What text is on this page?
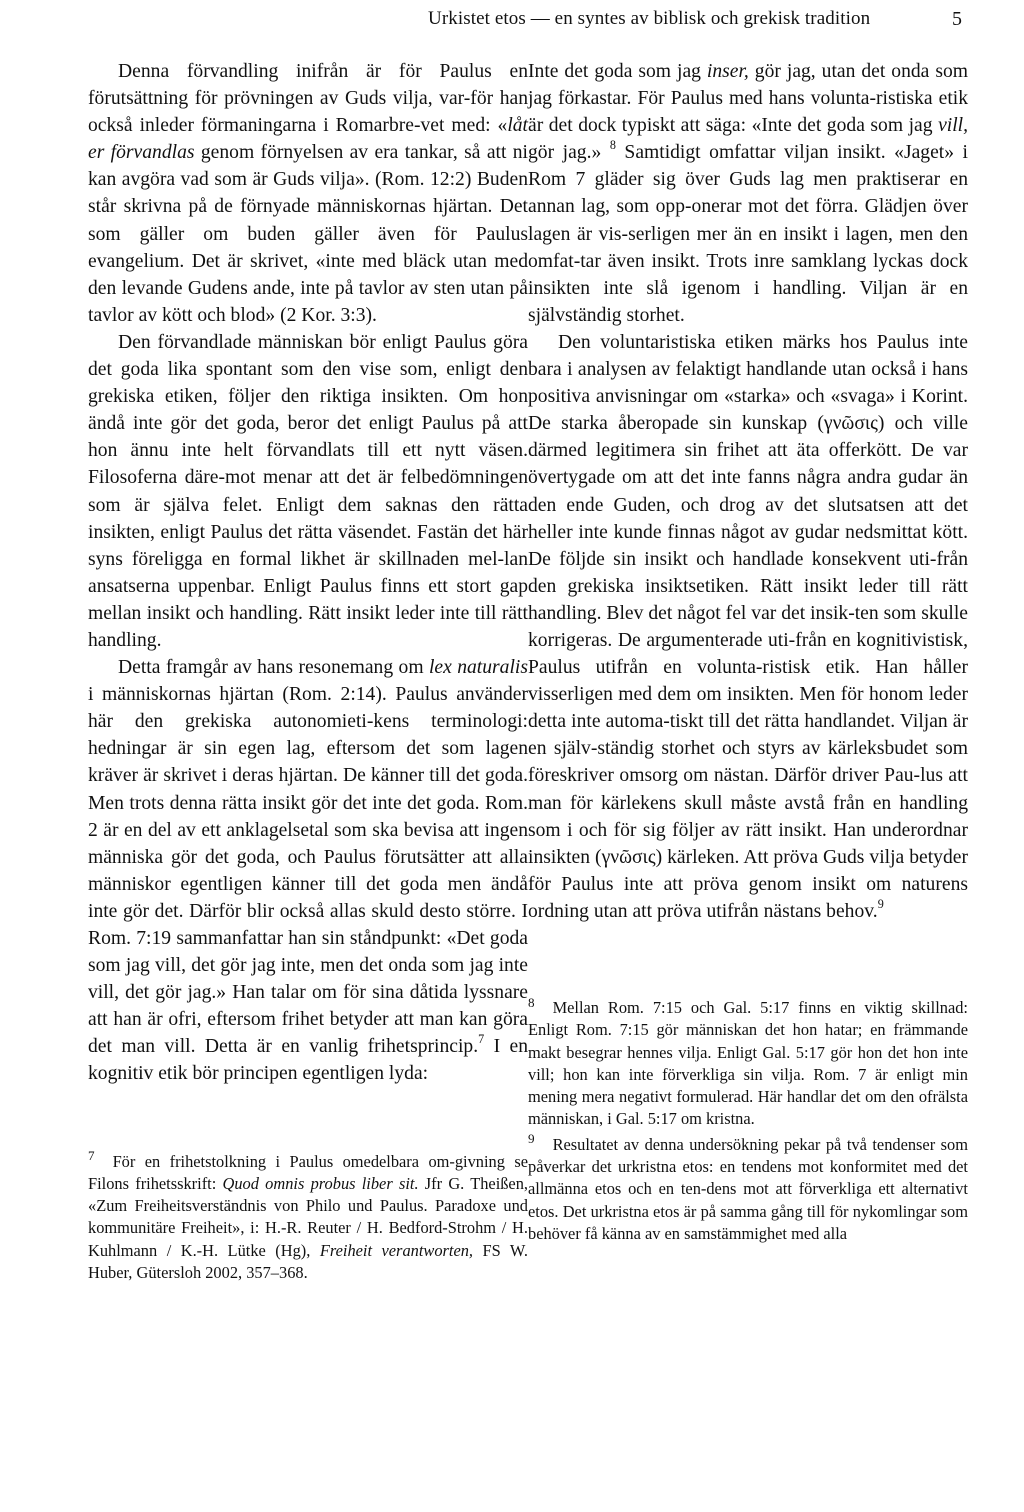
Urkistet etos — en syntes av biblisk och grekisk tradition	5

Denna förvandling inifrån är för Paulus en förutsättning för prövningen av Guds vilja, var-för han också inleder förmaningarna i Romarbre-vet med: «låt er förvandlas genom förnyelsen av era tankar, så att ni kan avgöra vad som är Guds vilja». (Rom. 12:2) Buden står skrivna på de förnyade människornas hjärtan. Det som gäller om buden gäller även för Paulus evangelium. Det är skrivet, «inte med bläck utan med den levande Gudens ande, inte på tavlor av sten utan på tavlor av kött och blod» (2 Kor. 3:3).

Den förvandlade människan bör enligt Paulus göra det goda lika spontant som den vise som, enligt den grekiska etiken, följer den riktiga insikten. Om hon ändå inte gör det goda, beror det enligt Paulus på att hon ännu inte helt förvandlats till ett nytt väsen. Filosoferna däre-mot menar att det är felbedömningen som är själva felet. Enligt dem saknas den rätta insikten, enligt Paulus det rätta väsendet. Fastän det här syns föreligga en formal likhet är skillnaden mel-lan ansatserna uppenbar. Enligt Paulus finns ett stort gap mellan insikt och handling. Rätt insikt leder inte till rätt handling.

Detta framgår av hans resonemang om lex naturalis i människornas hjärtan (Rom. 2:14). Paulus använder här den grekiska autonomieti-kens terminologi: hedningar är sin egen lag, eftersom det som lagen kräver är skrivet i deras hjärtan. De känner till det goda. Men trots denna rätta insikt gör det inte det goda. Rom. 2 är en del av ett anklagelsetal som ska bevisa att ingen människa gör det goda, och Paulus förutsätter att alla människor egentligen känner till det goda men ändå inte gör det. Därför blir också allas skuld desto större. I Rom. 7:19 sammanfattar han sin ståndpunkt: «Det goda som jag vill, det gör jag inte, men det onda som jag inte vill, det gör jag.» Han talar om för sina dåtida lyssnare att han är ofri, eftersom frihet betyder att man kan göra det man vill. Detta är en vanlig frihetsprincip.$^7$ I en kognitiv etik bör principen egentligen lyda:

$^7$ För en frihetstolkning i Paulus omedelbara om-givning se Filons frihetsskrift: Quod omnis probus liber sit. Jfr G. Theißen, «Zum Freiheitsverständnis von Philo und Paulus. Paradoxe und kommunitäre Freiheit», i: H.-R. Reuter / H. Bedford-Strohm / H. Kuhlmann / K.-H. Lütke (Hg), Freiheit verantworten, FS W. Huber, Gütersloh 2002, 357–368.

Inte det goda som jag inser, gör jag, utan det onda som jag förkastar. För Paulus med hans volunta-ristiska etik är det dock typiskt att säga: «Inte det goda som jag vill, gör jag.» $^8$ Samtidigt omfattar viljan insikt. «Jaget» i Rom 7 gläder sig över Guds lag men praktiserar en annan lag, som opp-onerar mot det förra. Glädjen över lagen är vis-serligen mer än en insikt i lagen, men den omfat-tar även insikt. Trots inre samklang lyckas dock insikten inte slå igenom i handling. Viljan är en självständig storhet.

Den voluntaristiska etiken märks hos Paulus inte bara i analysen av felaktigt handlande utan också i hans positiva anvisningar om «starka» och «svaga» i Korint. De starka åberopade sin kunskap (γνῶσις) och ville därmed legitimera sin frihet att äta offerkött. De var övertygade om att det inte fanns några andra gudar än den ende Guden, och drog av det slutsatsen att det heller inte kunde finnas något av gudar nedsmittat kött. De följde sin insikt och handlade konsekvent uti-från den grekiska insiktsetiken. Rätt insikt leder till rätt handling. Blev det något fel var det insik-ten som skulle korrigeras. De argumenterade uti-från en kognitivistisk, Paulus utifrån en volunta-ristisk etik. Han håller visserligen med dem om insikten. Men för honom leder detta inte automa-tiskt till det rätta handlandet. Viljan är en själv-ständig storhet och styrs av kärleksbudet som föreskriver omsorg om nästan. Därför driver Pau-lus att man för kärlekens skull måste avstå från en handling som i och för sig följer av rätt insikt. Han underordnar insikten (γνῶσις) kärleken. Att pröva Guds vilja betyder för Paulus inte att pröva genom insikt om naturens ordning utan att pröva utifrån nästans behov.$^9$

$^8$ Mellan Rom. 7:15 och Gal. 5:17 finns en viktig skillnad: Enligt Rom. 7:15 gör människan det hon hatar; en främmande makt besegrar hennes vilja. Enligt Gal. 5:17 gör hon det hon inte vill; hon kan inte förverkliga sin vilja. Rom. 7 är enligt min mening mera negativt formulerad. Här handlar det om den ofrälsta människan, i Gal. 5:17 om kristna.

$^9$ Resultatet av denna undersökning pekar på två tendenser som påverkar det urkristna etos: en tendens mot konformitet med det allmänna etos och en ten-dens mot att förverkliga ett alternativt etos. Det urkristna etos är på samma gång till för nykomlingar som behöver få känna av en samstämmighet med alla
